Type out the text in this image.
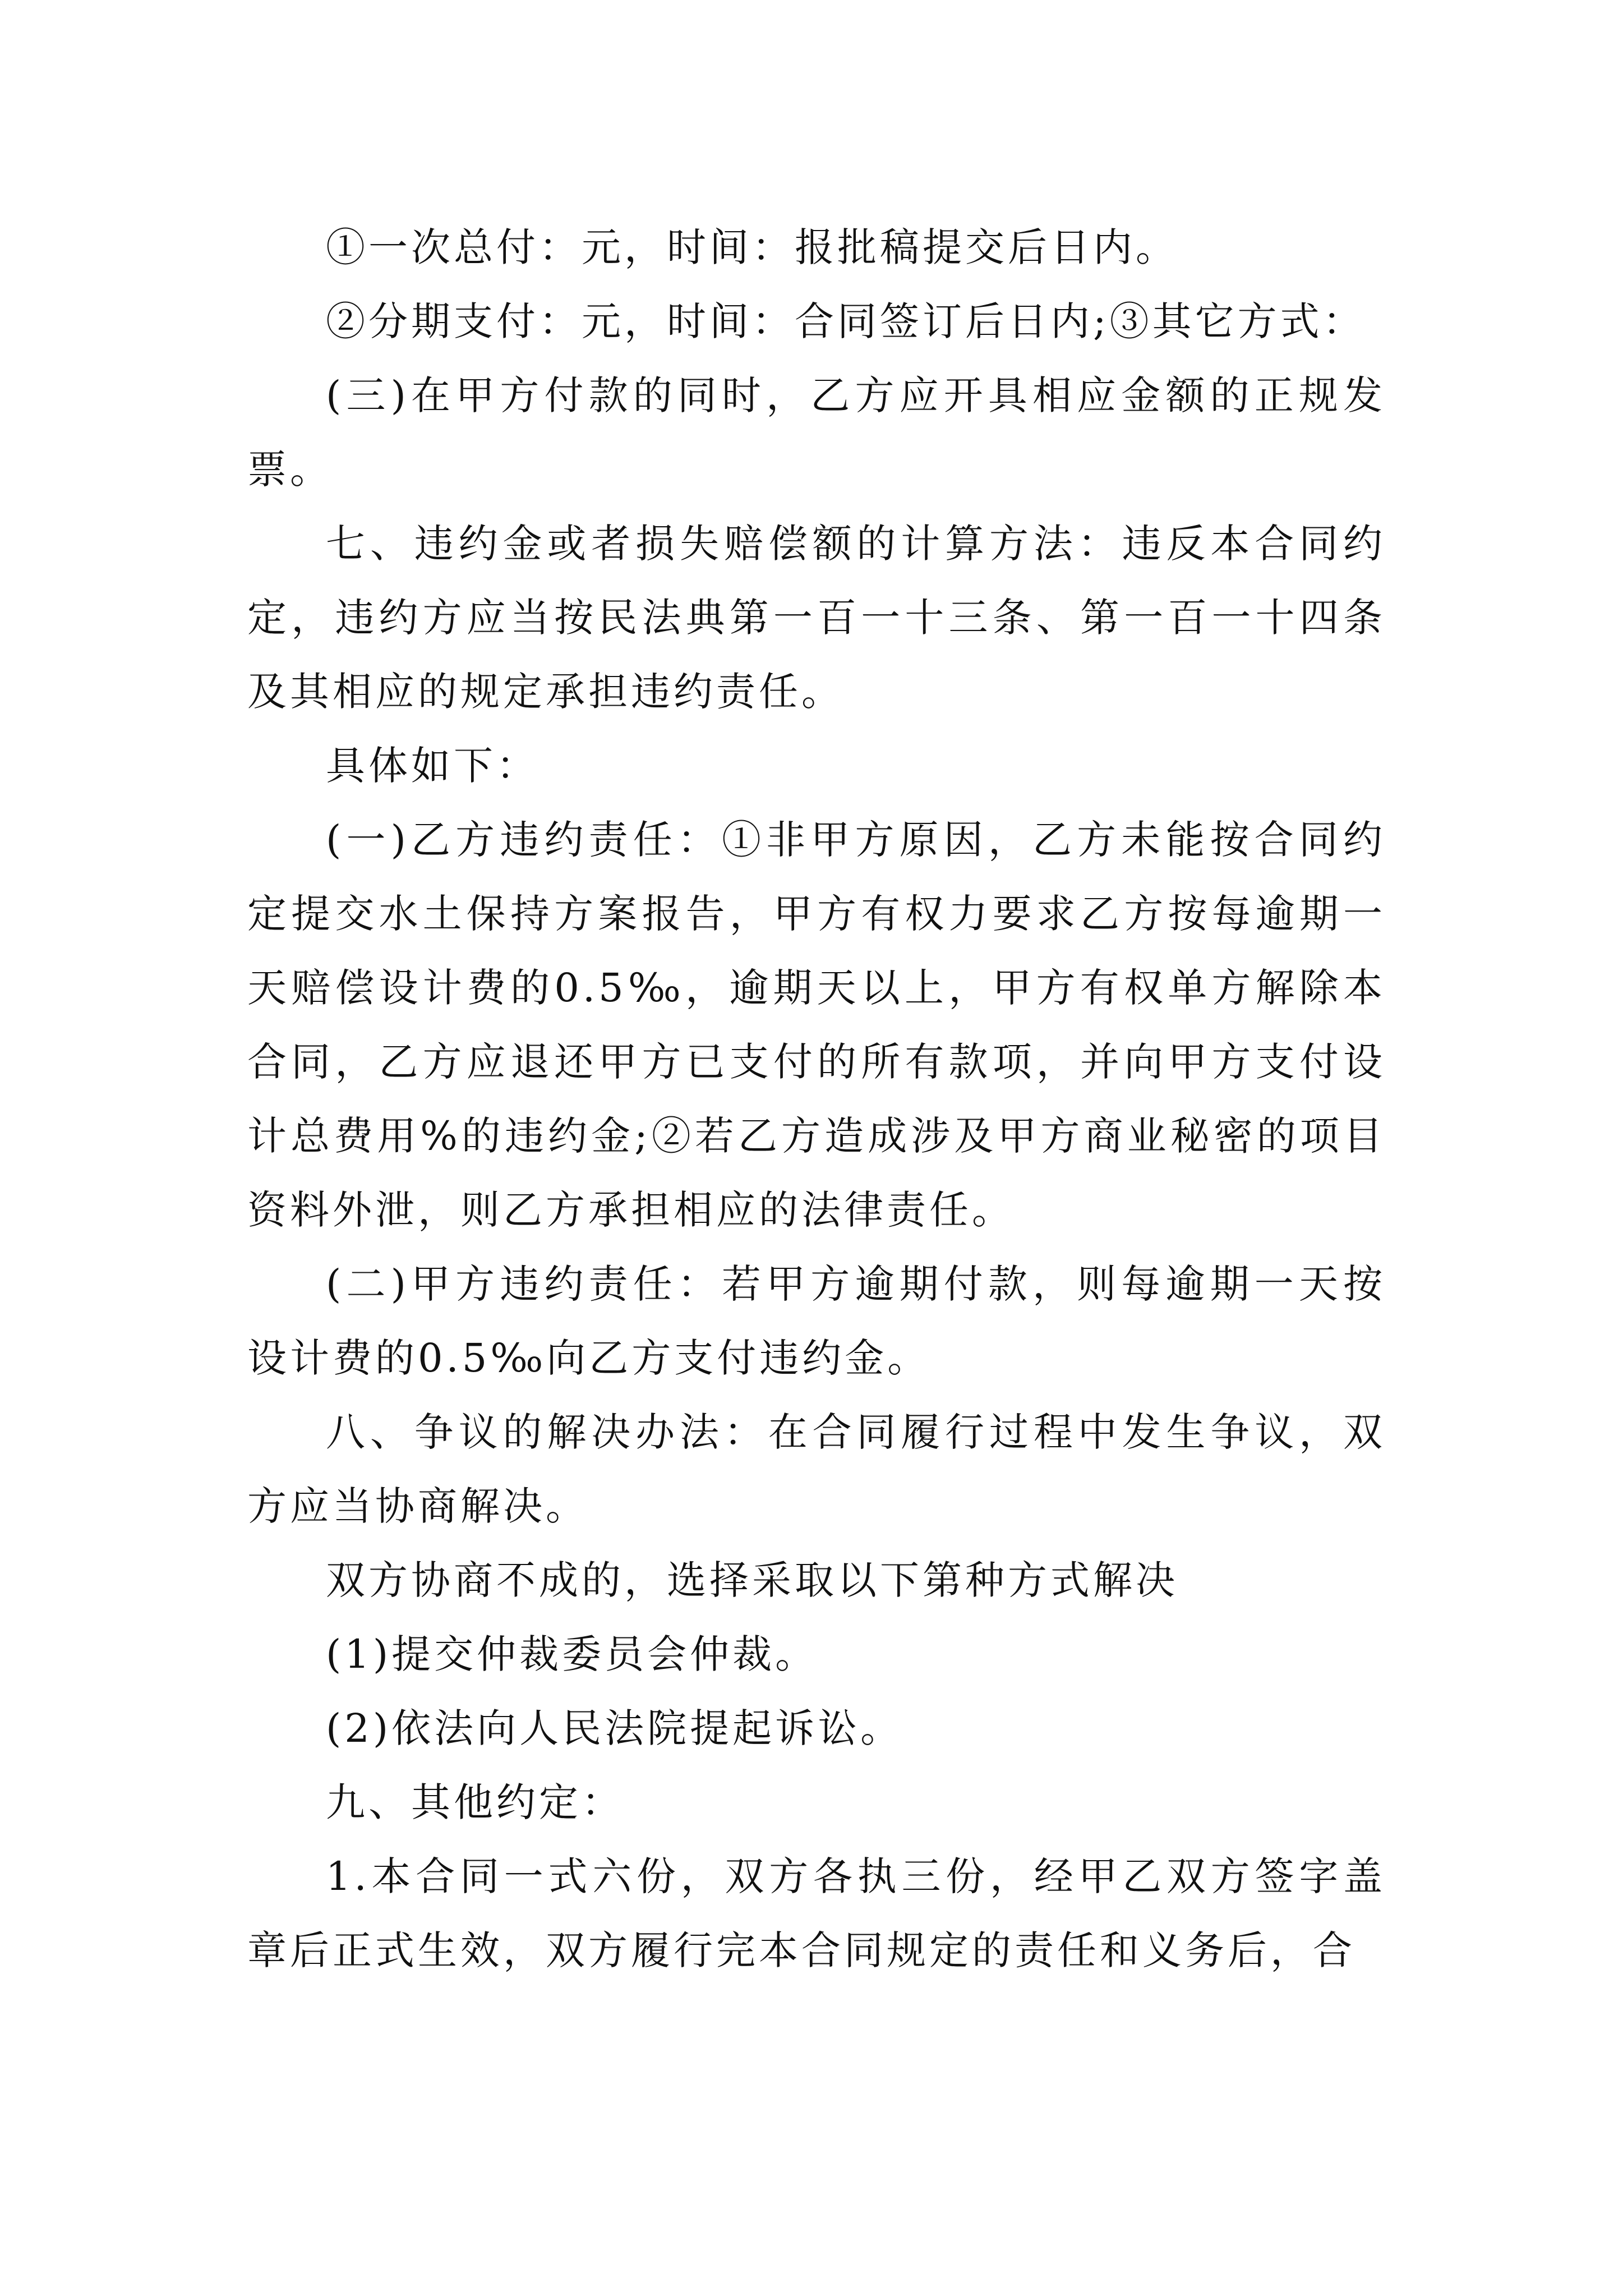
①一次总付：元，时间：报批稿提交后日内。

②分期支付：元，时间：合同签订后日内;③其它方式：

(三)在甲方付款的同时，乙方应开具相应金额的正规发票。

七、违约金或者损失赔偿额的计算方法：违反本合同约定，违约方应当按民法典第一百一十三条、第一百一十四条及其相应的规定承担违约责任。

具体如下：

(一)乙方违约责任：①非甲方原因，乙方未能按合同约定提交水土保持方案报告，甲方有权力要求乙方按每逾期一天赔偿设计费的0.5‰，逾期天以上，甲方有权单方解除本合同，乙方应退还甲方已支付的所有款项，并向甲方支付设计总费用%的违约金;②若乙方造成涉及甲方商业秘密的项目资料外泄，则乙方承担相应的法律责任。

(二)甲方违约责任：若甲方逾期付款，则每逾期一天按设计费的0.5‰向乙方支付违约金。

八、争议的解决办法：在合同履行过程中发生争议，双方应当协商解决。

双方协商不成的，选择采取以下第种方式解决

(1)提交仲裁委员会仲裁。

(2)依法向人民法院提起诉讼。

九、其他约定：

1.本合同一式六份，双方各执三份，经甲乙双方签字盖章后正式生效，双方履行完本合同规定的责任和义务后，合
